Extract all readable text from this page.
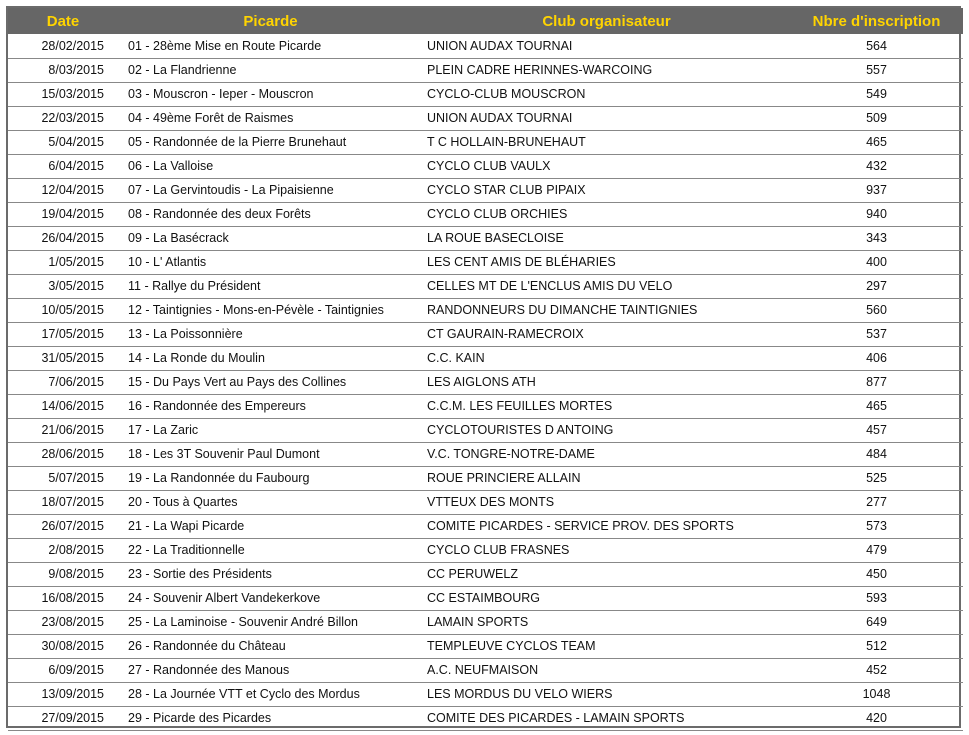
Date	Picarde	Club organisateur	Nbre d'inscription
28/02/2015	01 - 28ème Mise en Route Picarde	UNION AUDAX TOURNAI	564
8/03/2015	02 - La Flandrienne	PLEIN CADRE HERINNES-WARCOING	557
15/03/2015	03 - Mouscron - Ieper - Mouscron	CYCLO-CLUB MOUSCRON	549
22/03/2015	04 - 49ème Forêt de Raismes	UNION AUDAX TOURNAI	509
5/04/2015	05 - Randonnée de la Pierre Brunehaut	T C HOLLAIN-BRUNEHAUT	465
6/04/2015	06 - La Valloise	CYCLO CLUB VAULX	432
12/04/2015	07 - La Gervintoudis - La Pipaisienne	CYCLO STAR CLUB PIPAIX	937
19/04/2015	08 - Randonnée des deux Forêts	CYCLO CLUB ORCHIES	940
26/04/2015	09 - La Basécrack	LA ROUE BASECLOISE	343
1/05/2015	10 - L' Atlantis	LES CENT AMIS DE BLÉHARIES	400
3/05/2015	11 - Rallye du Président	CELLES MT DE L'ENCLUS AMIS DU VELO	297
10/05/2015	12 - Taintignies - Mons-en-Pévèle - Taintignies	RANDONNEURS DU DIMANCHE TAINTIGNIES	560
17/05/2015	13 - La Poissonnière	CT GAURAIN-RAMECROIX	537
31/05/2015	14 - La Ronde du Moulin	C.C. KAIN	406
7/06/2015	15 - Du Pays Vert au Pays des Collines	LES AIGLONS ATH	877
14/06/2015	16 - Randonnée des Empereurs	C.C.M. LES FEUILLES MORTES	465
21/06/2015	17 - La Zaric	CYCLOTOURISTES D ANTOING	457
28/06/2015	18 - Les 3T Souvenir Paul Dumont	V.C. TONGRE-NOTRE-DAME	484
5/07/2015	19 - La Randonnée du Faubourg	ROUE PRINCIERE ALLAIN	525
18/07/2015	20 - Tous à Quartes	VTTEUX DES MONTS	277
26/07/2015	21 - La Wapi Picarde	COMITE PICARDES - SERVICE PROV. DES SPORTS	573
2/08/2015	22 - La Traditionnelle	CYCLO CLUB FRASNES	479
9/08/2015	23 - Sortie des Présidents	CC PERUWELZ	450
16/08/2015	24 - Souvenir Albert Vandekerkove	CC ESTAIMBOURG	593
23/08/2015	25 - La Laminoise - Souvenir André Billon	LAMAIN SPORTS	649
30/08/2015	26 - Randonnée du Château	TEMPLEUVE CYCLOS TEAM	512
6/09/2015	27 - Randonnée des Manous	A.C. NEUFMAISON	452
13/09/2015	28 - La Journée VTT et Cyclo des Mordus	LES MORDUS DU VELO WIERS	1048
27/09/2015	29 - Picarde des Picardes	COMITE DES PICARDES - LAMAIN SPORTS	420
